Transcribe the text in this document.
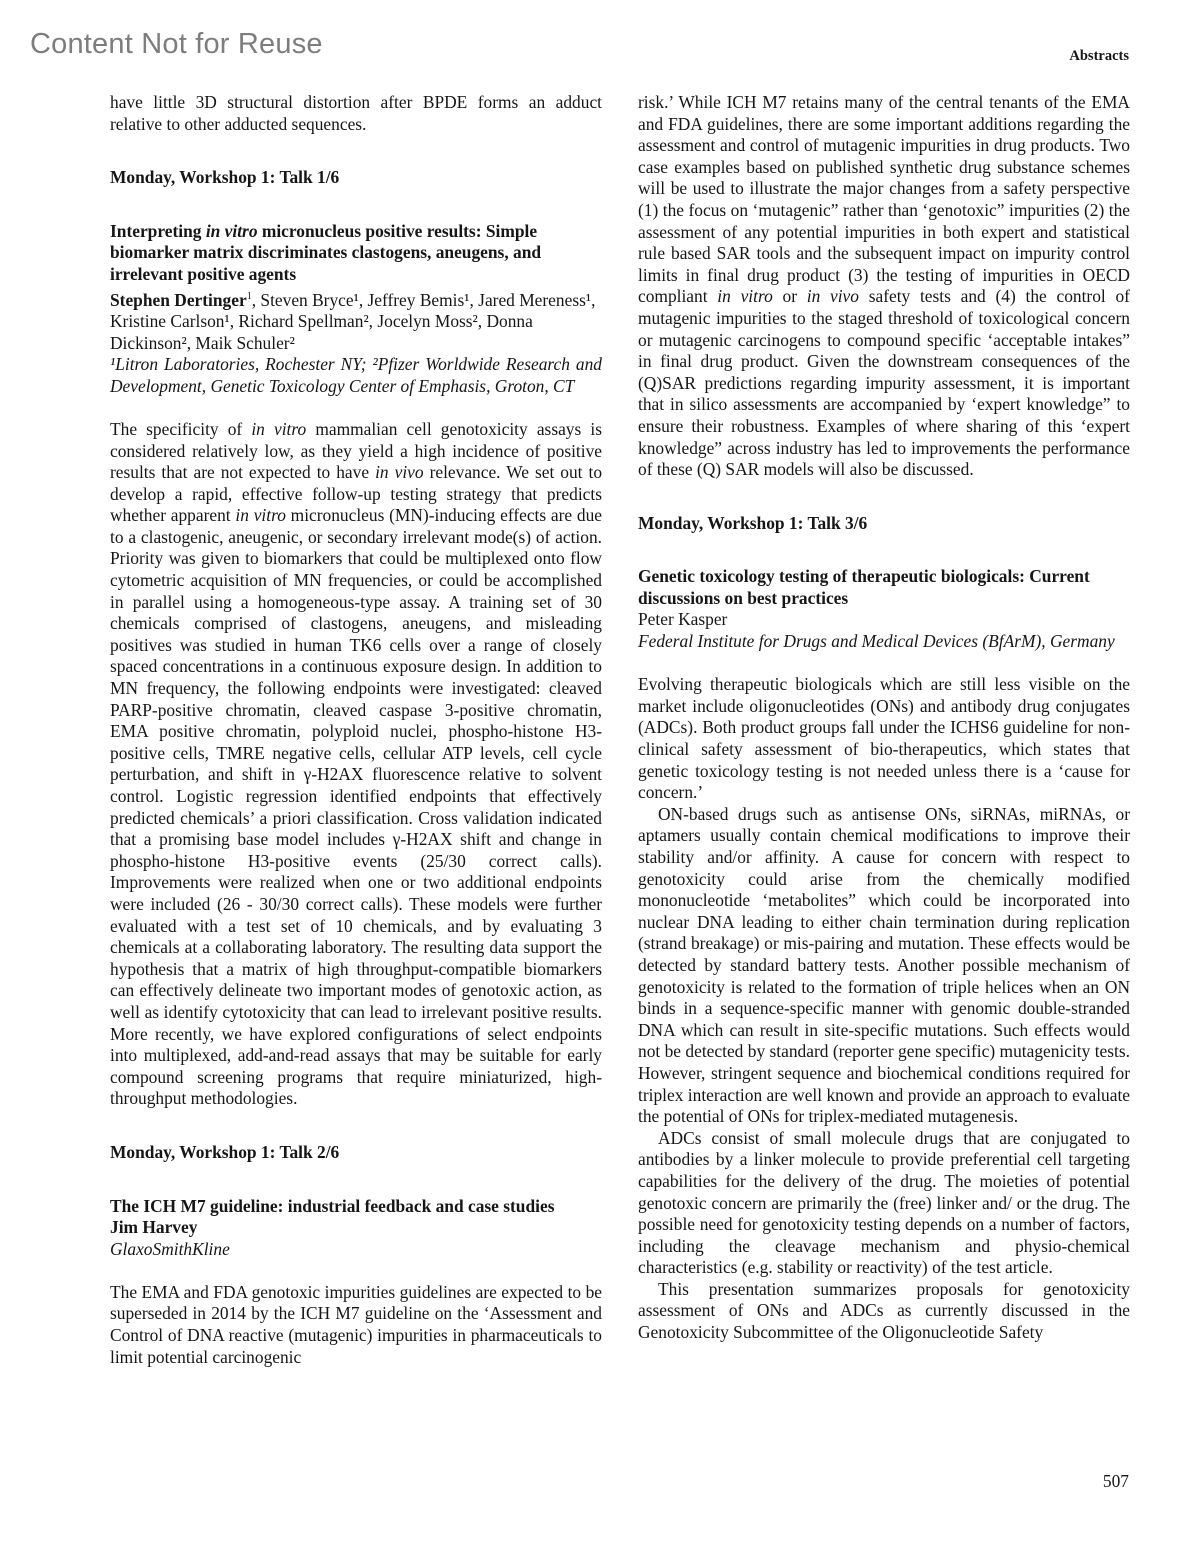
Content Not for Reuse	Abstracts

have little 3D structural distortion after BPDE forms an adduct relative to other adducted sequences.

Monday, Workshop 1: Talk 1/6

Interpreting in vitro micronucleus positive results: Simple biomarker matrix discriminates clastogens, aneugens, and irrelevant positive agents

Stephen Dertinger$^1$, Steven Bryce¹, Jeffrey Bemis¹, Jared Mereness¹, Kristine Carlson¹, Richard Spellman², Jocelyn Moss², Donna Dickinson², Maik Schuler²

¹Litron Laboratories, Rochester NY; ²Pfizer Worldwide Research and Development, Genetic Toxicology Center of Emphasis, Groton, CT

The specificity of in vitro mammalian cell genotoxicity assays is considered relatively low, as they yield a high incidence of positive results that are not expected to have in vivo relevance. We set out to develop a rapid, effective follow-up testing strategy that predicts whether apparent in vitro micronucleus (MN)-inducing effects are due to a clastogenic, aneugenic, or secondary irrelevant mode(s) of action. Priority was given to biomarkers that could be multiplexed onto flow cytometric acquisition of MN frequencies, or could be accomplished in parallel using a homogeneous-type assay. A training set of 30 chemicals comprised of clastogens, aneugens, and misleading positives was studied in human TK6 cells over a range of closely spaced concentrations in a continuous exposure design. In addition to MN frequency, the following endpoints were investigated: cleaved PARP-positive chromatin, cleaved caspase 3-positive chromatin, EMA positive chromatin, polyploid nuclei, phospho-histone H3-positive cells, TMRE negative cells, cellular ATP levels, cell cycle perturbation, and shift in γ-H2AX fluorescence relative to solvent control. Logistic regression identified endpoints that effectively predicted chemicals’ a priori classification. Cross validation indicated that a promising base model includes γ-H2AX shift and change in phospho-histone H3-positive events (25/30 correct calls). Improvements were realized when one or two additional endpoints were included (26 - 30/30 correct calls). These models were further evaluated with a test set of 10 chemicals, and by evaluating 3 chemicals at a collaborating laboratory. The resulting data support the hypothesis that a matrix of high throughput-compatible biomarkers can effectively delineate two important modes of genotoxic action, as well as identify cytotoxicity that can lead to irrelevant positive results. More recently, we have explored configurations of select endpoints into multiplexed, add-and-read assays that may be suitable for early compound screening programs that require miniaturized, high-throughput methodologies.

Monday, Workshop 1: Talk 2/6

The ICH M7 guideline: industrial feedback and case studies

Jim Harvey

GlaxoSmithKline

The EMA and FDA genotoxic impurities guidelines are expected to be superseded in 2014 by the ICH M7 guideline on the ‘Assessment and Control of DNA reactive (mutagenic) impurities in pharmaceuticals to limit potential carcinogenic

risk.’ While ICH M7 retains many of the central tenants of the EMA and FDA guidelines, there are some important additions regarding the assessment and control of mutagenic impurities in drug products. Two case examples based on published synthetic drug substance schemes will be used to illustrate the major changes from a safety perspective (1) the focus on ‘mutagenic” rather than ‘genotoxic” impurities (2) the assessment of any potential impurities in both expert and statistical rule based SAR tools and the subsequent impact on impurity control limits in final drug product (3) the testing of impurities in OECD compliant in vitro or in vivo safety tests and (4) the control of mutagenic impurities to the staged threshold of toxicological concern or mutagenic carcinogens to compound specific ‘acceptable intakes” in final drug product. Given the downstream consequences of the (Q)SAR predictions regarding impurity assessment, it is important that in silico assessments are accompanied by ‘expert knowledge” to ensure their robustness. Examples of where sharing of this ‘expert knowledge” across industry has led to improvements the performance of these (Q) SAR models will also be discussed.

Monday, Workshop 1: Talk 3/6

Genetic toxicology testing of therapeutic biologicals: Current discussions on best practices

Peter Kasper

Federal Institute for Drugs and Medical Devices (BfArM), Germany

Evolving therapeutic biologicals which are still less visible on the market include oligonucleotides (ONs) and antibody drug conjugates (ADCs). Both product groups fall under the ICHS6 guideline for non-clinical safety assessment of bio-therapeutics, which states that genetic toxicology testing is not needed unless there is a ‘cause for concern.’

ON-based drugs such as antisense ONs, siRNAs, miRNAs, or aptamers usually contain chemical modifications to improve their stability and/or affinity. A cause for concern with respect to genotoxicity could arise from the chemically modified mononucleotide ‘metabolites” which could be incorporated into nuclear DNA leading to either chain termination during replication (strand breakage) or mis-pairing and mutation. These effects would be detected by standard battery tests. Another possible mechanism of genotoxicity is related to the formation of triple helices when an ON binds in a sequence-specific manner with genomic double-stranded DNA which can result in site-specific mutations. Such effects would not be detected by standard (reporter gene specific) mutagenicity tests. However, stringent sequence and biochemical conditions required for triplex interaction are well known and provide an approach to evaluate the potential of ONs for triplex-mediated mutagenesis.

ADCs consist of small molecule drugs that are conjugated to antibodies by a linker molecule to provide preferential cell targeting capabilities for the delivery of the drug. The moieties of potential genotoxic concern are primarily the (free) linker and/ or the drug. The possible need for genotoxicity testing depends on a number of factors, including the cleavage mechanism and physio-chemical characteristics (e.g. stability or reactivity) of the test article.

This presentation summarizes proposals for genotoxicity assessment of ONs and ADCs as currently discussed in the Genotoxicity Subcommittee of the Oligonucleotide Safety

507
